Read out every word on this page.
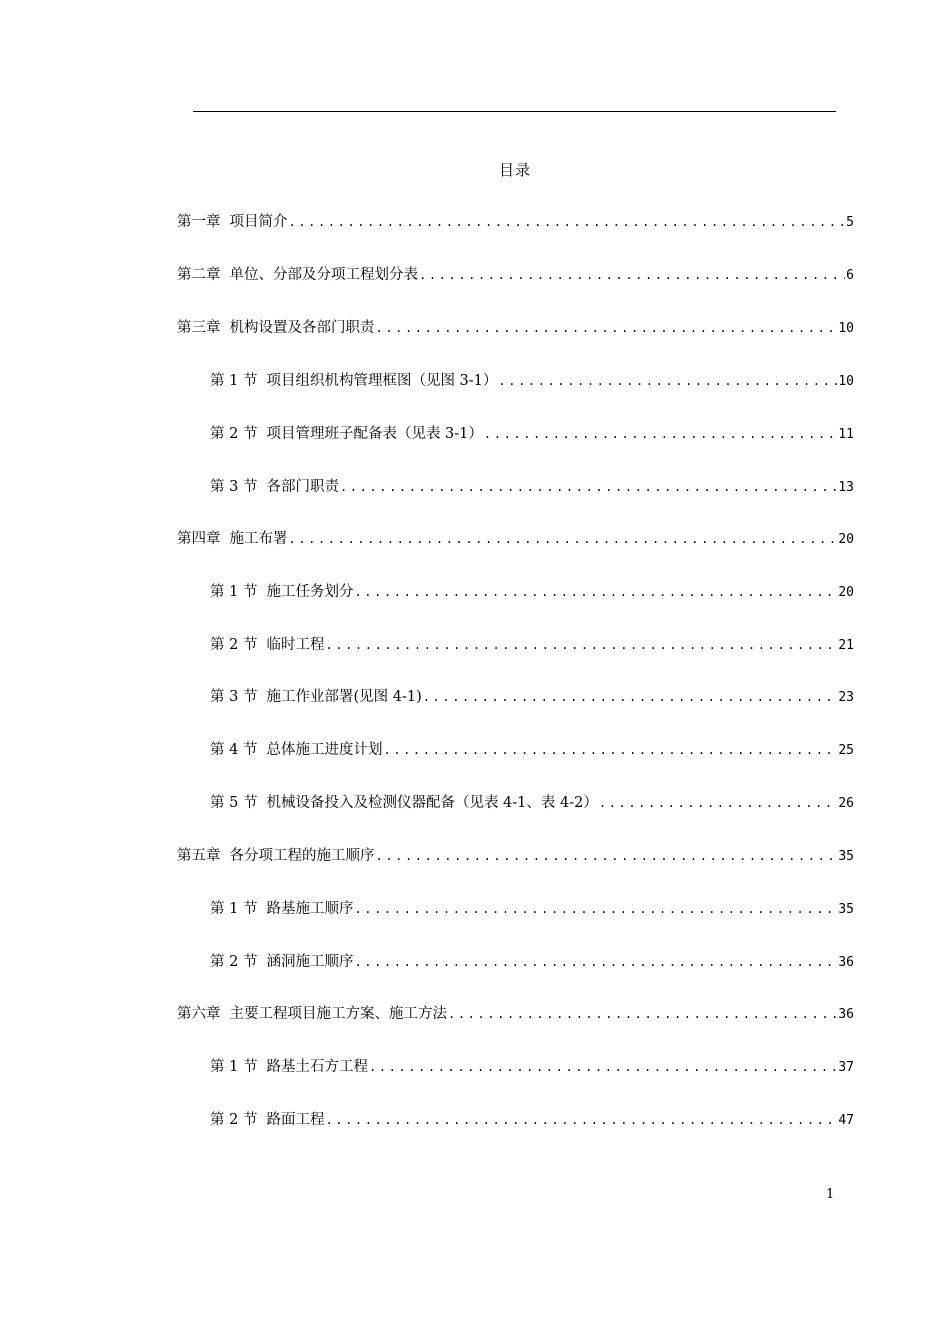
目录
第一章 项目简介 .....	5
第二章 单位、分部及分项工程划分表 .....	6
第三章 机构设置及各部门职责 .....	10
第 1 节 项目组织机构管理框图（见图 3-1） .....	10
第 2 节 项目管理班子配备表（见表 3-1） .....	11
第 3 节 各部门职责 .....	13
第四章 施工布署 .....	20
第 1 节 施工任务划分 .....	20
第 2 节 临时工程 .....	21
第 3 节 施工作业部署(见图 4-1) .....	23
第 4 节 总体施工进度计划 .....	25
第 5 节 机械设备投入及检测仪器配备（见表 4-1、表 4-2） .....	26
第五章 各分项工程的施工顺序 .....	35
第 1 节 路基施工顺序 .....	35
第 2 节 涵洞施工顺序 .....	36
第六章 主要工程项目施工方案、施工方法 .....	36
第 1 节 路基土石方工程 .....	37
第 2 节 路面工程 .....	47
1
